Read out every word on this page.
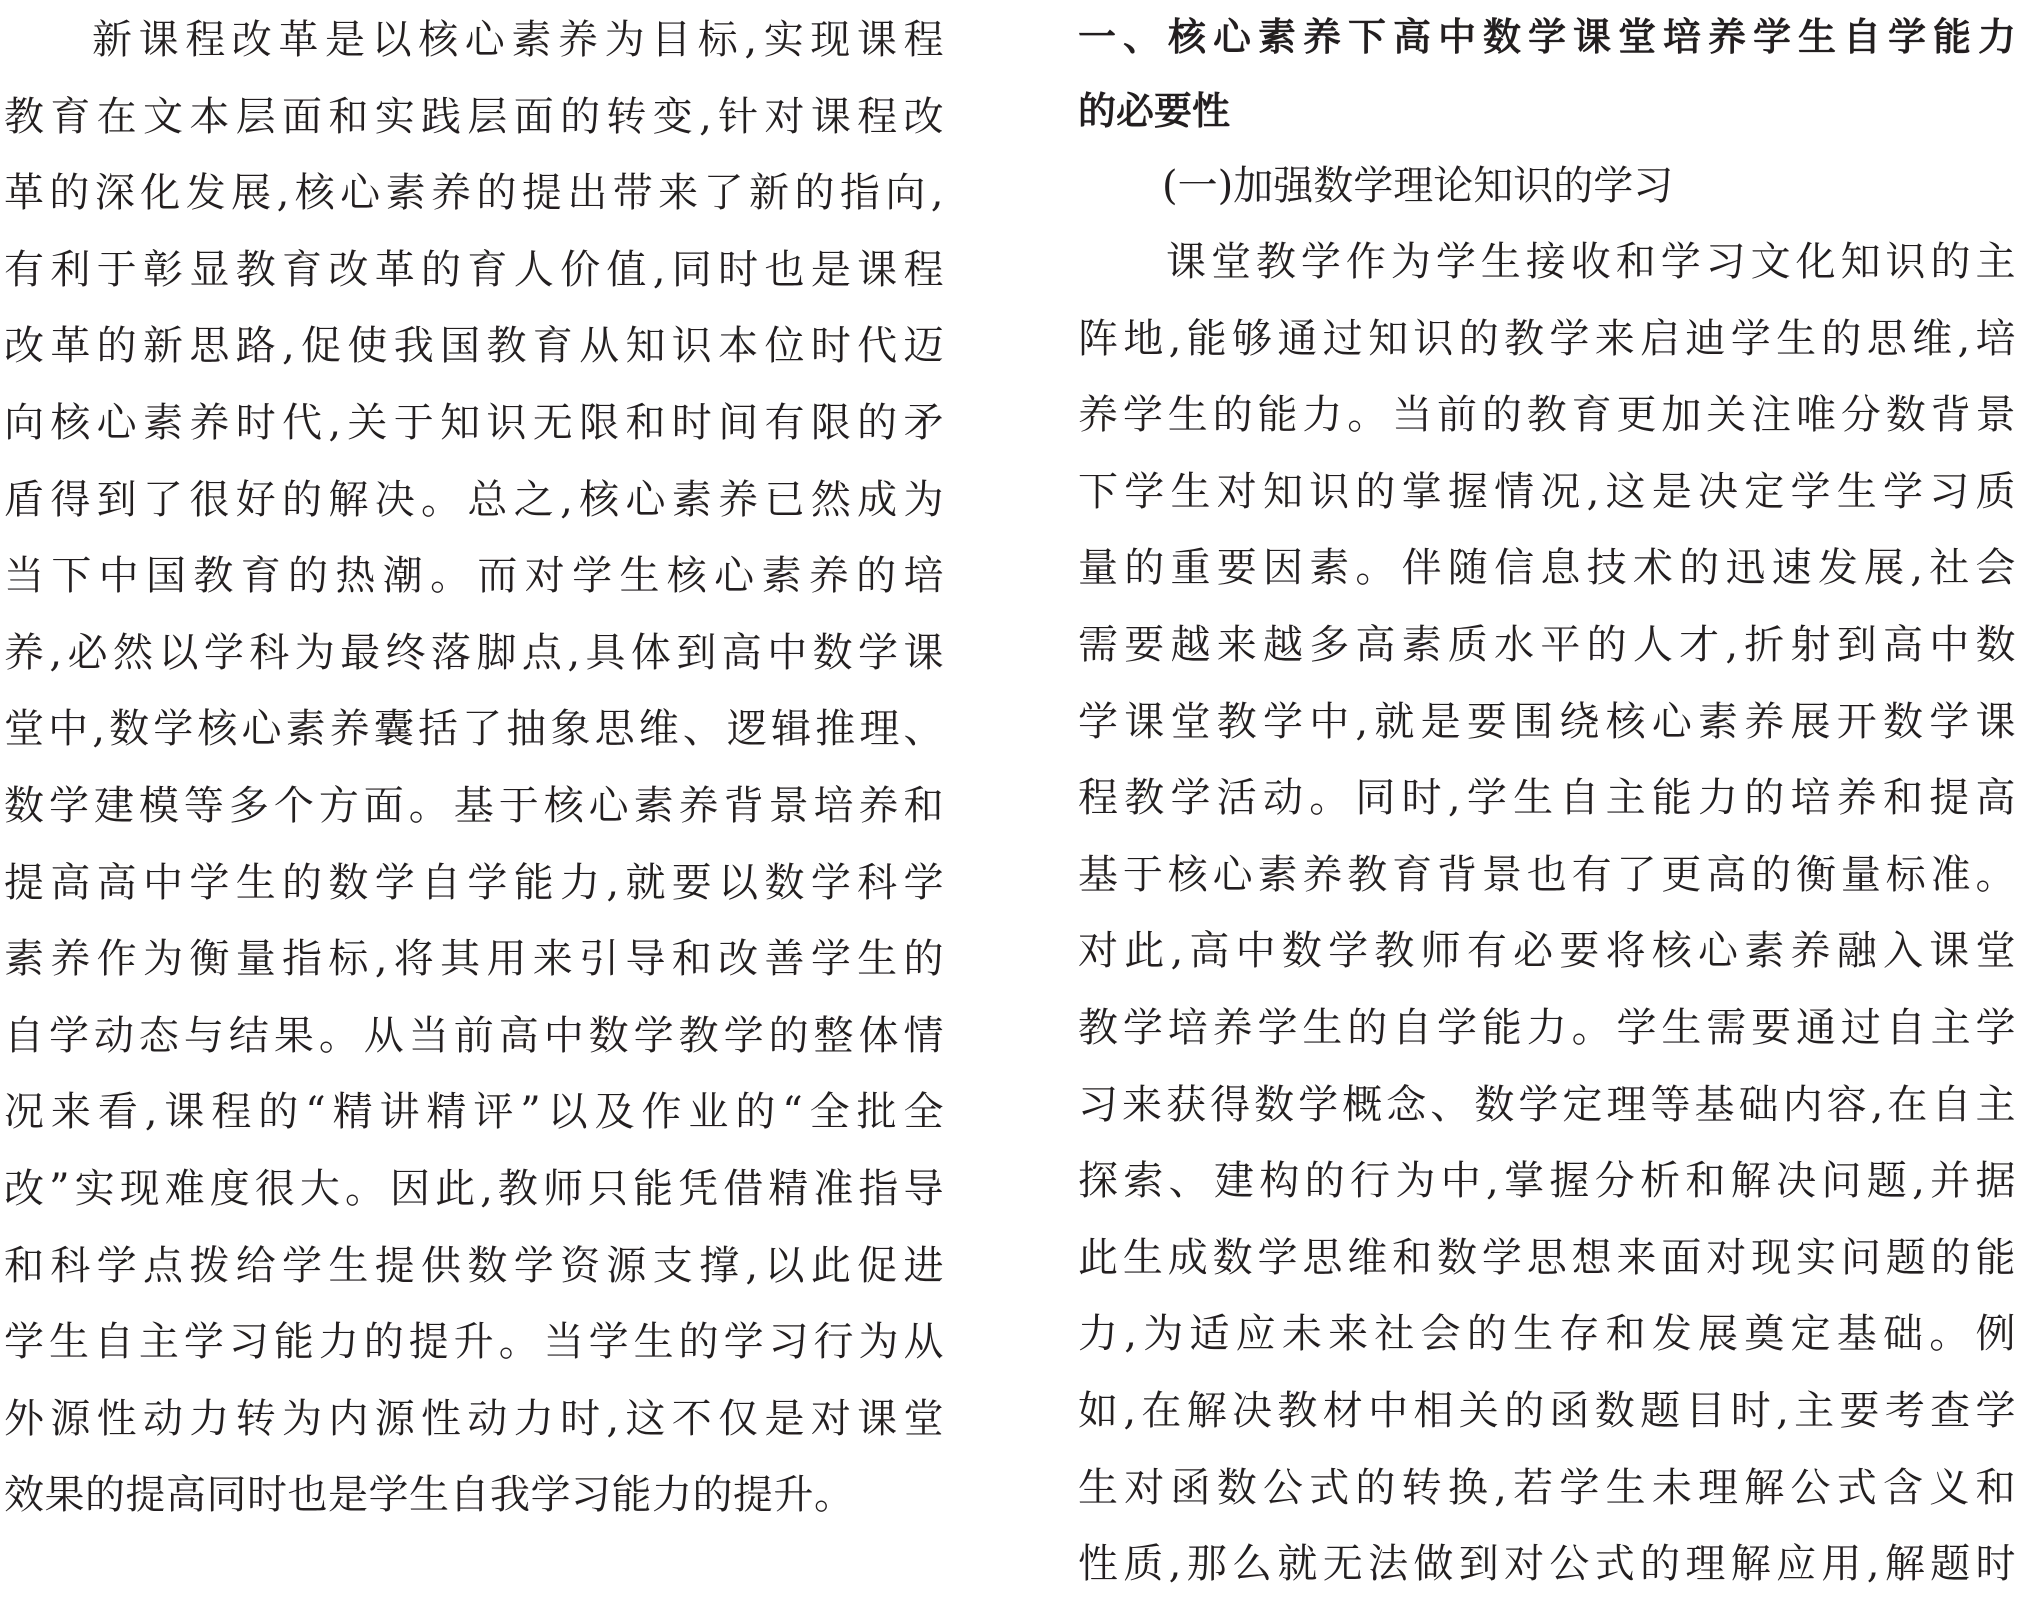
新课程改革是以核心素养为目标,实现课程
教育在文本层面和实践层面的转变,针对课程改
革的深化发展,核心素养的提出带来了新的指向,
有利于彰显教育改革的育人价值,同时也是课程
改革的新思路,促使我国教育从知识本位时代迈
向核心素养时代,关于知识无限和时间有限的矛
盾得到了很好的解决。总之,核心素养已然成为
当下中国教育的热潮。而对学生核心素养的培
养,必然以学科为最终落脚点,具体到高中数学课
堂中,数学核心素养囊括了抽象思维、逻辑推理、
数学建模等多个方面。基于核心素养背景培养和
提高高中学生的数学自学能力,就要以数学科学
素养作为衡量指标,将其用来引导和改善学生的
自学动态与结果。从当前高中数学教学的整体情
况来看,课程的“精讲精评”以及作业的“全批全
改”实现难度很大。因此,教师只能凭借精准指导
和科学点拨给学生提供数学资源支撑,以此促进
学生自主学习能力的提升。当学生的学习行为从
外源性动力转为内源性动力时,这不仅是对课堂
效果的提高同时也是学生自我学习能力的提升。
一、核心素养下高中数学课堂培养学生自学能力
的必要性
(一)加强数学理论知识的学习
课堂教学作为学生接收和学习文化知识的主
阵地,能够通过知识的教学来启迪学生的思维,培
养学生的能力。当前的教育更加关注唯分数背景
下学生对知识的掌握情况,这是决定学生学习质
量的重要因素。伴随信息技术的迅速发展,社会
需要越来越多高素质水平的人才,折射到高中数
学课堂教学中,就是要围绕核心素养展开数学课
程教学活动。同时,学生自主能力的培养和提高
基于核心素养教育背景也有了更高的衡量标准。
对此,高中数学教师有必要将核心素养融入课堂
教学培养学生的自学能力。学生需要通过自主学
习来获得数学概念、数学定理等基础内容,在自主
探索、建构的行为中,掌握分析和解决问题,并据
此生成数学思维和数学思想来面对现实问题的能
力,为适应未来社会的生存和发展奠定基础。例
如,在解决教材中相关的函数题目时,主要考查学
生对函数公式的转换,若学生未理解公式含义和
性质,那么就无法做到对公式的理解应用,解题时
